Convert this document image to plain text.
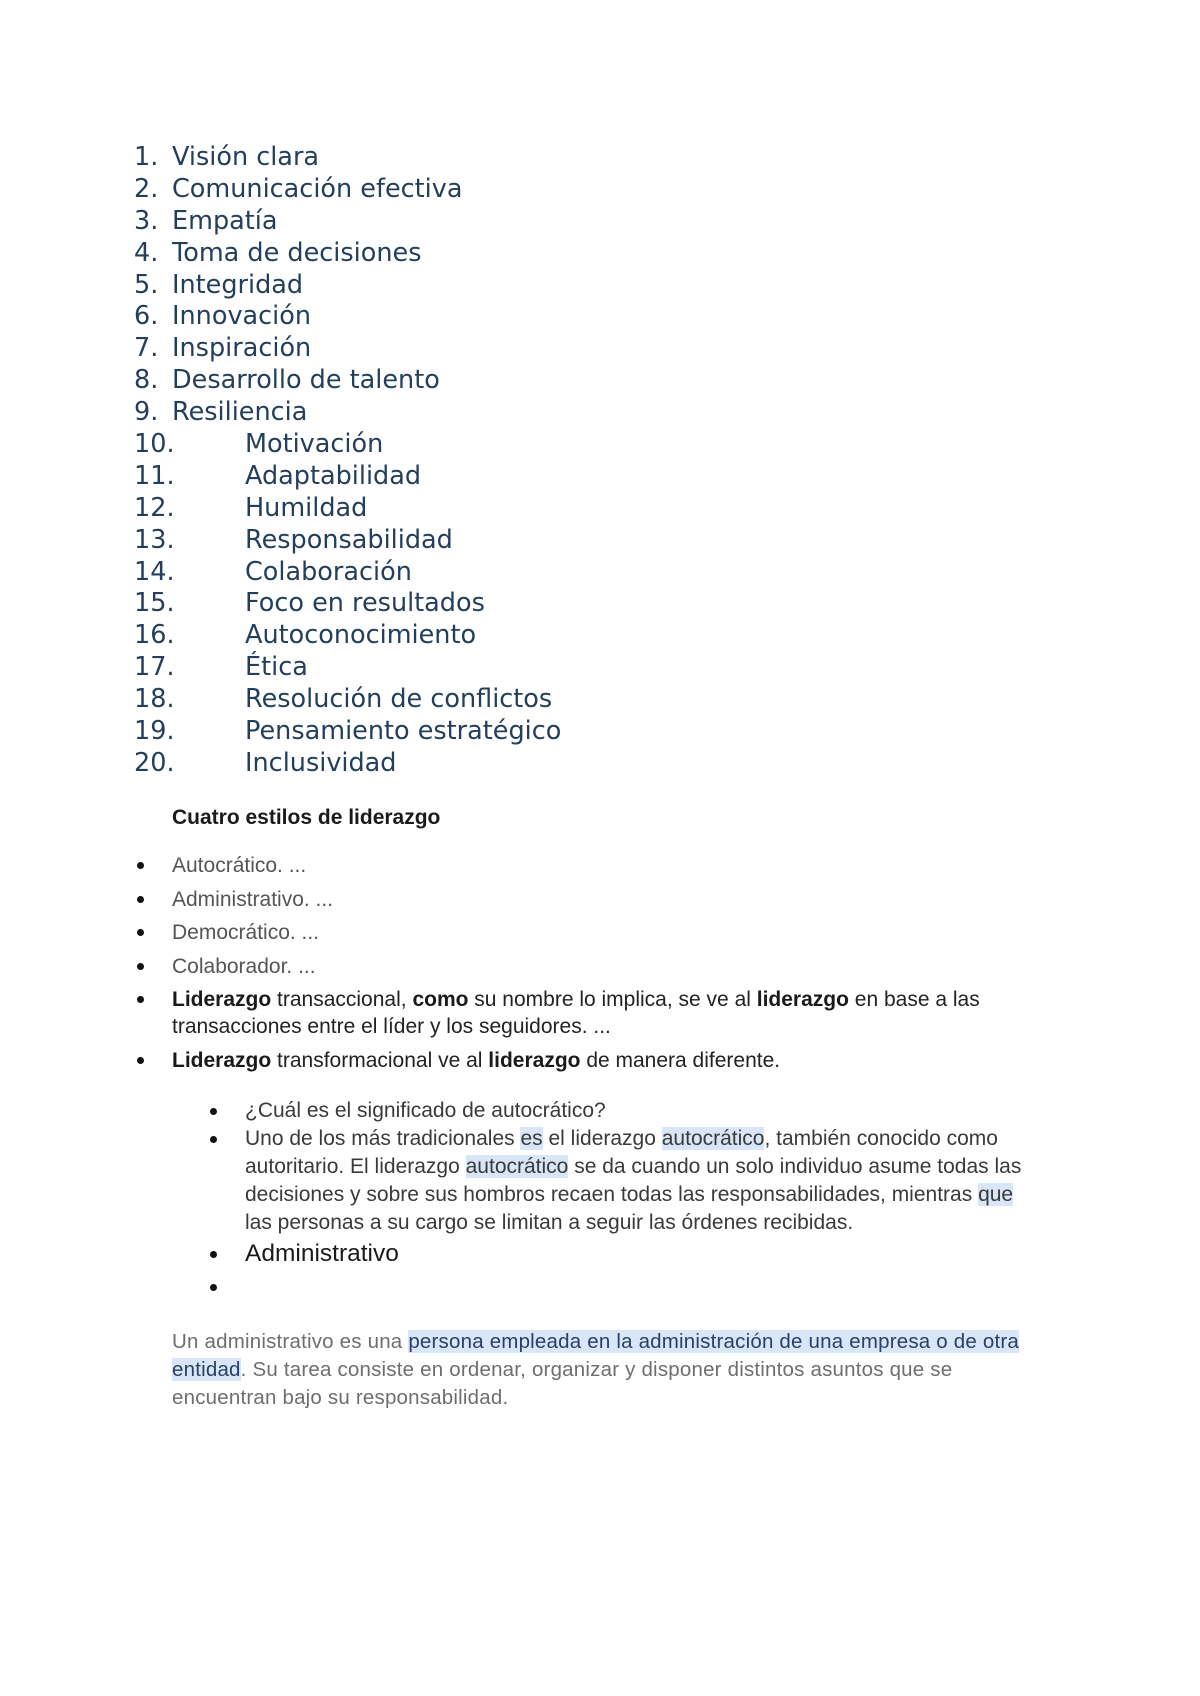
1. Visión clara
2. Comunicación efectiva
3. Empatía
4. Toma de decisiones
5. Integridad
6. Innovación
7. Inspiración
8. Desarrollo de talento
9. Resiliencia
10.	Motivación
11.	Adaptabilidad
12.	Humildad
13.	Responsabilidad
14.	Colaboración
15.	Foco en resultados
16.	Autoconocimiento
17.	Ética
18.	Resolución de conflictos
19.	Pensamiento estratégico
20.	Inclusividad
Cuatro estilos de liderazgo
Autocrático. ...
Administrativo. ...
Democrático. ...
Colaborador. ...
Liderazgo transaccional, como su nombre lo implica, se ve al liderazgo en base a las transacciones entre el líder y los seguidores. ...
Liderazgo transformacional ve al liderazgo de manera diferente.
¿Cuál es el significado de autocrático?
Uno de los más tradicionales es el liderazgo autocrático, también conocido como autoritario. El liderazgo autocrático se da cuando un solo individuo asume todas las decisiones y sobre sus hombros recaen todas las responsabilidades, mientras que las personas a su cargo se limitan a seguir las órdenes recibidas.
Administrativo
Un administrativo es una persona empleada en la administración de una empresa o de otra entidad. Su tarea consiste en ordenar, organizar y disponer distintos asuntos que se encuentran bajo su responsabilidad.
